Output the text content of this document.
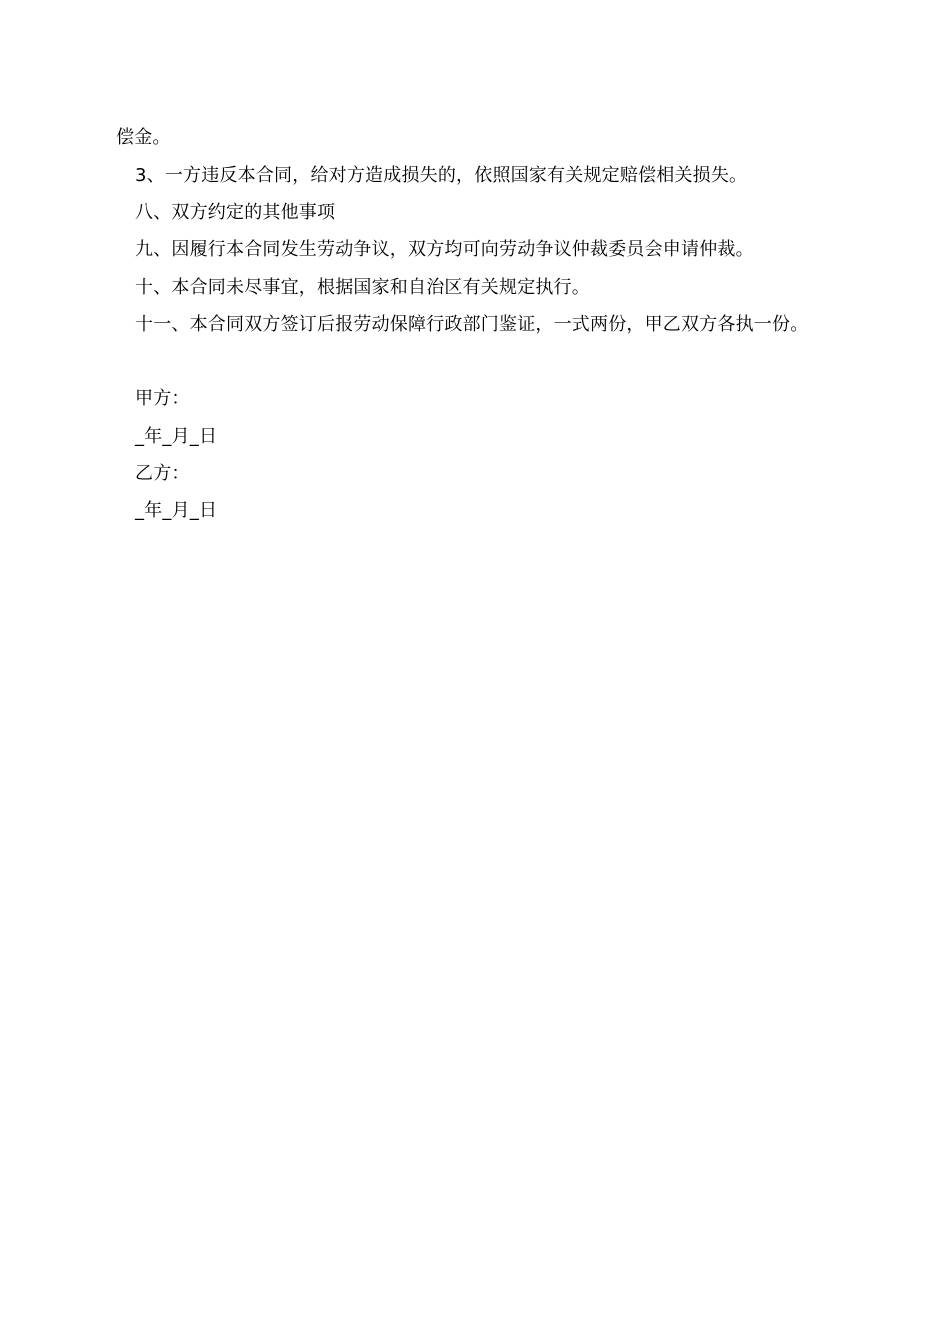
偿金。
3、一方违反本合同，给对方造成损失的，依照国家有关规定赔偿相关损失。
八、双方约定的其他事项
九、因履行本合同发生劳动争议，双方均可向劳动争议仲裁委员会申请仲裁。
十、本合同未尽事宜，根据国家和自治区有关规定执行。
十一、本合同双方签订后报劳动保障行政部门鉴证，一式两份，甲乙双方各执一份。
甲方：
_年_月_日
乙方：
_年_月_日
